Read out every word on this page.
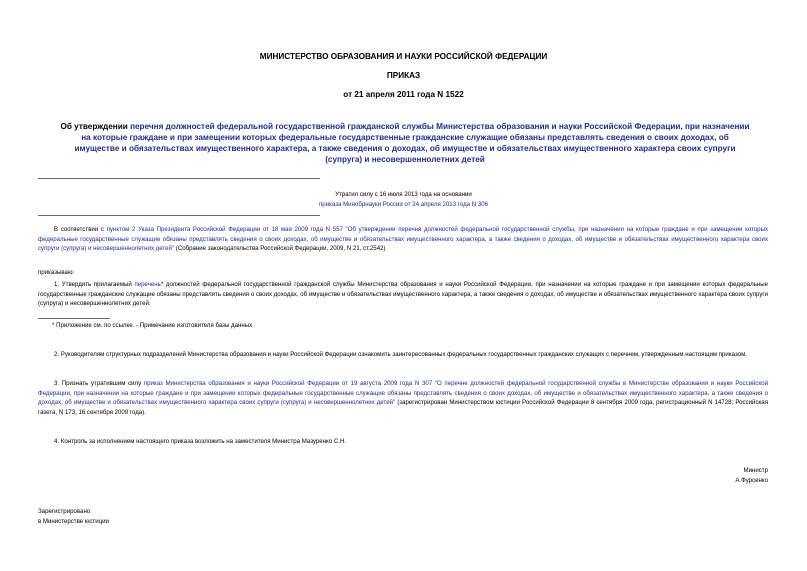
МИНИСТЕРСТВО ОБРАЗОВАНИЯ И НАУКИ РОССИЙСКОЙ ФЕДЕРАЦИИ
ПРИКАЗ
от 21 апреля 2011 года N 1522
Об утверждении перечня должностей федеральной государственной гражданской службы Министерства образования и науки Российской Федерации, при назначении на которые граждане и при замещении которых федеральные государственные гражданские служащие обязаны представлять сведения о своих доходах, об имуществе и обязательствах имущественного характера, а также сведения о доходах, об имуществе и обязательствах имущественного характера своих супруги (супруга) и несовершеннолетних детей
Утратил силу с 16 июля 2013 года на основании
приказа Минобрнауки России от 24 апреля 2013 года N 306
В соответствии с пунктом 2 Указа Президента Российской Федерации от 18 мая 2009 года N 557 "Об утверждении перечня должностей федеральной государственной службы, при назначении на которые граждане и при замещении которых федеральные государственные служащие обязаны представлять сведения о своих доходах, об имуществе и обязательствах имущественного характера, а также сведения о доходах, об имуществе и обязательствах имущественного характера своих супруги (супруга) и несовершеннолетних детей" (Собрание законодательства Российской Федерации, 2009, N 21, ст.2542)
приказываю:
1. Утвердить прилагаемый перечень* должностей федеральной государственной гражданской службы Министерства образования и науки Российской Федерации, при назначении на которые граждане и при замещении которых федеральные государственные гражданские служащие обязаны представлять сведения о своих доходах, об имуществе и обязательствах имущественного характера, а также сведения о доходах, об имуществе и обязательствах имущественного характера своих супруги (супруга) и несовершеннолетних детей.
* Приложение см. по ссылке. - Примечание изготовителя базы данных.
2. Руководителям структурных подразделений Министерства образования и науки Российской Федерации ознакомить заинтересованных федеральных государственных гражданских служащих с перечнем, утвержденным настоящим приказом.
3. Признать утратившим силу приказ Министерства образования и науки Российской Федерации от 19 августа 2009 года N 307 "О перечне должностей федеральной государственной службы в Министерстве образования и науки Российской Федерации, при назначении на которые граждане и при замещении которых федеральные государственные служащие обязаны представлять сведения о своих доходах, об имуществе и обязательствах имущественного характера, а также сведения о доходах, об имуществе и обязательствах имущественного характера своих супруги (супруга) и несовершеннолетних детей" (зарегистрирован Министерством юстиции Российской Федерации 8 сентября 2009 года, регистрационный N 14728; Российская газета, N 173, 16 сентября 2009 года).
4. Контроль за исполнением настоящего приказа возложить на заместителя Министра Мазуренко С.Н.
Министр
А.Фурсенко
Зарегистрировано
в Министерстве юстиции
